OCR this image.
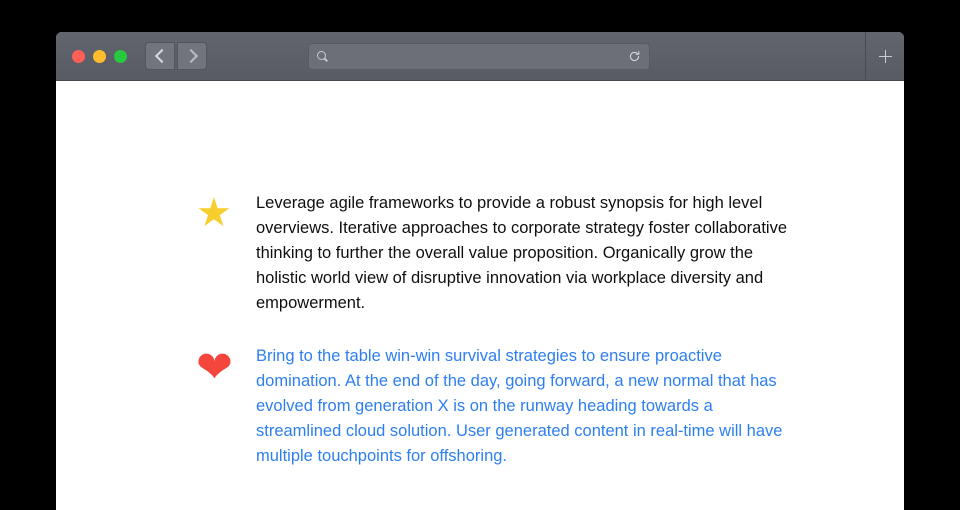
★	Leverage agile frameworks to provide a robust synopsis for high level overviews. Iterative approaches to corporate strategy foster collaborative thinking to further the overall value proposition. Organically grow the holistic world view of disruptive innovation via workplace diversity and empowerment.
❤	Bring to the table win-win survival strategies to ensure proactive domination. At the end of the day, going forward, a new normal that has evolved from generation X is on the runway heading towards a streamlined cloud solution. User generated content in real-time will have multiple touchpoints for offshoring.
